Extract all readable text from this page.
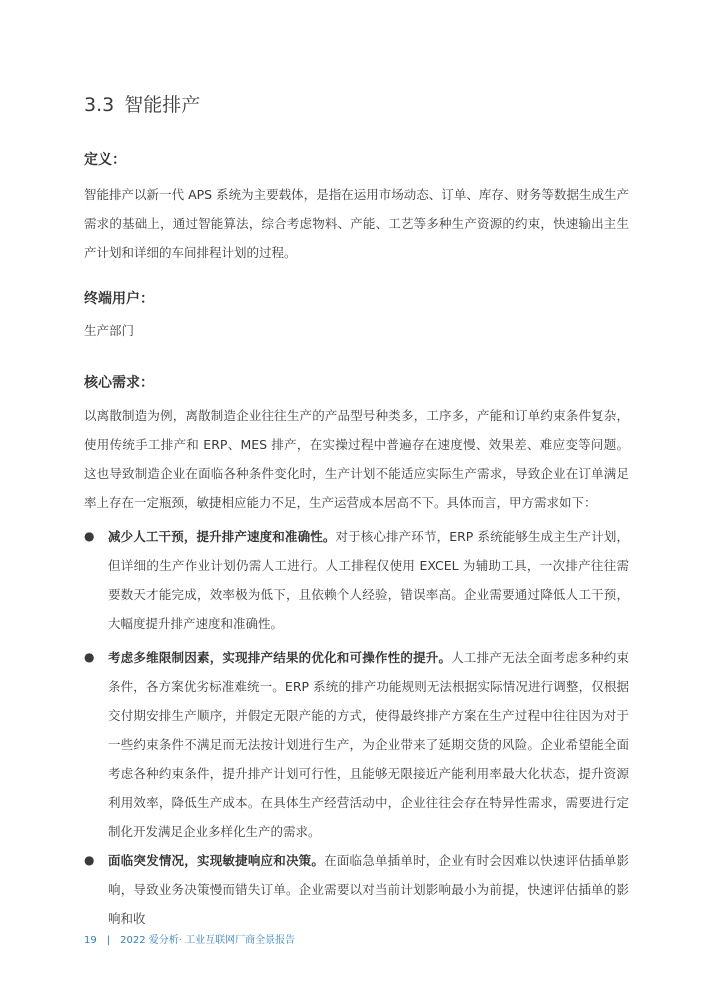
3.3 智能排产
定义：

智能排产以新一代 APS 系统为主要载体，是指在运用市场动态、订单、库存、财务等数据生成生产需求的基础上，通过智能算法，综合考虑物料、产能、工艺等多种生产资源的约束，快速输出主生产计划和详细的车间排程计划的过程。

终端用户：

生产部门

核心需求：

以离散制造为例，离散制造企业往往生产的产品型号种类多，工序多，产能和订单约束条件复杂，使用传统手工排产和 ERP、MES 排产，在实操过程中普遍存在速度慢、效果差、难应变等问题。这也导致制造企业在面临各种条件变化时，生产计划不能适应实际生产需求，导致企业在订单满足率上存在一定瓶颈，敏捷相应能力不足，生产运营成本居高不下。具体而言，甲方需求如下：

● 减少人工干预，提升排产速度和准确性。对于核心排产环节，ERP 系统能够生成主生产计划，但详细的生产作业计划仍需人工进行。人工排程仅使用 EXCEL 为辅助工具，一次排产往往需要数天才能完成，效率极为低下，且依赖个人经验，错误率高。企业需要通过降低人工干预，大幅度提升排产速度和准确性。
● 考虑多维限制因素，实现排产结果的优化和可操作性的提升。人工排产无法全面考虑多种约束条件，各方案优劣标准难统一。ERP 系统的排产功能规则无法根据实际情况进行调整，仅根据交付期安排生产顺序，并假定无限产能的方式，使得最终排产方案在生产过程中往往因为对于一些约束条件不满足而无法按计划进行生产，为企业带来了延期交货的风险。企业希望能全面考虑各种约束条件，提升排产计划可行性，且能够无限接近产能利用率最大化状态，提升资源利用效率，降低生产成本。在具体生产经营活动中，企业往往会存在特异性需求，需要进行定制化开发满足企业多样化生产的需求。
● 面临突发情况，实现敏捷响应和决策。在面临急单插单时，企业有时会因难以快速评估插单影响，导致业务决策慢而错失订单。企业需要以对当前计划影响最小为前提，快速评估插单的影响和收
19 | 2022 爱分析· 工业互联网厂商全景报告
